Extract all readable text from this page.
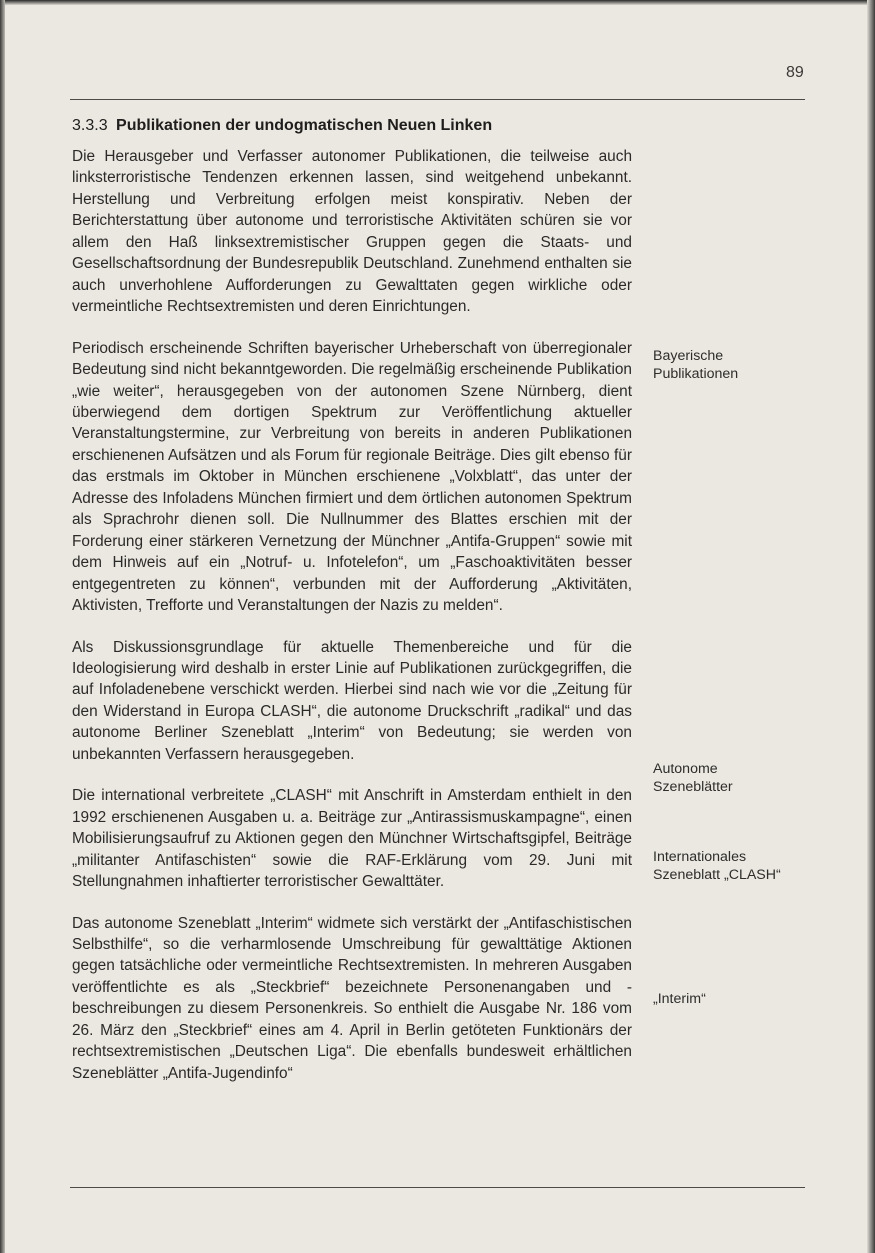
89
3.3.3 Publikationen der undogmatischen Neuen Linken

Die Herausgeber und Verfasser autonomer Publikationen, die teilweise auch linksterroristische Tendenzen erkennen lassen, sind weitgehend unbekannt. Herstellung und Verbreitung erfolgen meist konspirativ. Neben der Berichterstattung über autonome und terroristische Aktivitäten schüren sie vor allem den Haß linksextremistischer Gruppen gegen die Staats- und Gesellschaftsordnung der Bundesrepublik Deutschland. Zunehmend enthalten sie auch unverhohlene Aufforderungen zu Gewalttaten gegen wirkliche oder vermeintliche Rechtsextremisten und deren Einrichtungen.

Periodisch erscheinende Schriften bayerischer Urheberschaft von überregionaler Bedeutung sind nicht bekanntgeworden. Die regelmäßig erscheinende Publikation „wie weiter“, herausgegeben von der autonomen Szene Nürnberg, dient überwiegend dem dortigen Spektrum zur Veröffentlichung aktueller Veranstaltungstermine, zur Verbreitung von bereits in anderen Publikationen erschienenen Aufsätzen und als Forum für regionale Beiträge. Dies gilt ebenso für das erstmals im Oktober in München erschienene „Volxblatt“, das unter der Adresse des Infoladens München firmiert und dem örtlichen autonomen Spektrum als Sprachrohr dienen soll. Die Nullnummer des Blattes erschien mit der Forderung einer stärkeren Vernetzung der Münchner „Antifa-Gruppen“ sowie mit dem Hinweis auf ein „Notruf- u. Infotelefon“, um „Faschoaktivitäten besser entgegentreten zu können“, verbunden mit der Aufforderung „Aktivitäten, Aktivisten, Trefforte und Veranstaltungen der Nazis zu melden“.

Als Diskussionsgrundlage für aktuelle Themenbereiche und für die Ideologisierung wird deshalb in erster Linie auf Publikationen zurückgegriffen, die auf Infoladenebene verschickt werden. Hierbei sind nach wie vor die „Zeitung für den Widerstand in Europa CLASH“, die autonome Druckschrift „radikal“ und das autonome Berliner Szeneblatt „Interim“ von Bedeutung; sie werden von unbekannten Verfassern herausgegeben.

Die international verbreitete „CLASH“ mit Anschrift in Amsterdam enthielt in den 1992 erschienenen Ausgaben u. a. Beiträge zur „Antirassismuskampagne“, einen Mobilisierungsaufruf zu Aktionen gegen den Münchner Wirtschaftsgipfel, Beiträge „militanter Antifaschisten“ sowie die RAF-Erklärung vom 29. Juni mit Stellungnahmen inhaftierter terroristischer Gewalttäter.

Das autonome Szeneblatt „Interim“ widmete sich verstärkt der „Antifaschistischen Selbsthilfe“, so die verharmlosende Umschreibung für gewalttätige Aktionen gegen tatsächliche oder vermeintliche Rechtsextremisten. In mehreren Ausgaben veröffentlichte es als „Steckbrief“ bezeichnete Personenangaben und -beschreibungen zu diesem Personenkreis. So enthielt die Ausgabe Nr. 186 vom 26. März den „Steckbrief“ eines am 4. April in Berlin getöteten Funktionärs der rechtsextremistischen „Deutschen Liga“. Die ebenfalls bundesweit erhältlichen Szeneblätter „Antifa-Jugendinfo“

Bayerische
Publikationen
Autonome
Szeneblätter
Internationales
Szeneblatt „CLASH“
„Interim“
